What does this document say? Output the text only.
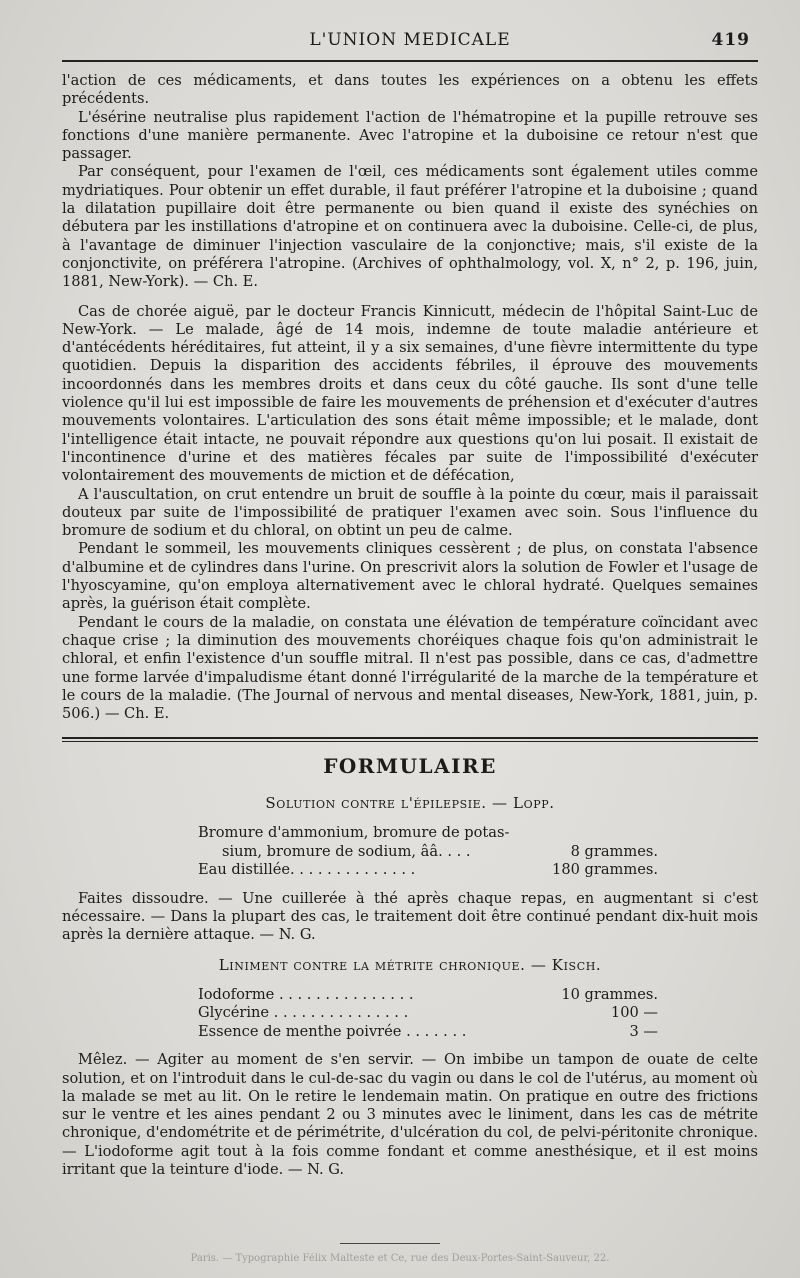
L'UNION MEDICALE	419

l'action de ces médicaments, et dans toutes les expériences on a obtenu les effets précédents.

L'ésérine neutralise plus rapidement l'action de l'hématropine et la pupille retrouve ses fonctions d'une manière permanente. Avec l'atropine et la duboisine ce retour n'est que passager.

Par conséquent, pour l'examen de l'œil, ces médicaments sont également utiles comme mydriatiques. Pour obtenir un effet durable, il faut préférer l'atropine et la duboisine ; quand la dilatation pupillaire doit être permanente ou bien quand il existe des synéchies on débutera par les instillations d'atropine et on continuera avec la duboisine. Celle-ci, de plus, à l'avantage de diminuer l'injection vasculaire de la conjonctive; mais, s'il existe de la conjonctivite, on préférera l'atropine. (Archives of ophthalmology, vol. X, n° 2, p. 196, juin, 1881, New-York). — Ch. E.

Cas de chorée aiguë, par le docteur Francis Kinnicutt, médecin de l'hôpital Saint-Luc de New-York. — Le malade, âgé de 14 mois, indemne de toute maladie antérieure et d'antécédents héréditaires, fut atteint, il y a six semaines, d'une fièvre intermittente du type quotidien. Depuis la disparition des accidents fébriles, il éprouve des mouvements incoordonnés dans les membres droits et dans ceux du côté gauche. Ils sont d'une telle violence qu'il lui est impossible de faire les mouvements de préhension et d'exécuter d'autres mouvements volontaires. L'articulation des sons était même impossible; et le malade, dont l'intelligence était intacte, ne pouvait répondre aux questions qu'on lui posait. Il existait de l'incontinence d'urine et des matières fécales par suite de l'impossibilité d'exécuter volontairement des mouvements de miction et de défécation,

A l'auscultation, on crut entendre un bruit de souffle à la pointe du cœur, mais il paraissait douteux par suite de l'impossibilité de pratiquer l'examen avec soin. Sous l'influence du bromure de sodium et du chloral, on obtint un peu de calme.

Pendant le sommeil, les mouvements cliniques cessèrent ; de plus, on constata l'absence d'albumine et de cylindres dans l'urine. On prescrivit alors la solution de Fowler et l'usage de l'hyoscyamine, qu'on employa alternativement avec le chloral hydraté. Quelques semaines après, la guérison était complète.

Pendant le cours de la maladie, on constata une élévation de température coïncidant avec chaque crise ; la diminution des mouvements choréiques chaque fois qu'on administrait le chloral, et enfin l'existence d'un souffle mitral. Il n'est pas possible, dans ce cas, d'admettre une forme larvée d'impaludisme étant donné l'irrégularité de la marche de la température et le cours de la maladie. (The Journal of nervous and mental diseases, New-York, 1881, juin, p. 506.) — Ch. E.

FORMULAIRE
Solution contre l'épilepsie. — Lopp.
Bromure d'ammonium, bromure de potas-
sium, bromure de sodium, ââ. . . .	8 grammes.
Eau distillée. . . . . . . . . . . . . .	180 grammes.

Faites dissoudre. — Une cuillerée à thé après chaque repas, en augmentant si c'est nécessaire. — Dans la plupart des cas, le traitement doit être continué pendant dix-huit mois après la dernière attaque. — N. G.

Liniment contre la métrite chronique. — Kisch.
Iodoforme . . . . . . . . . . . . . . .	10 grammes.
Glycérine . . . . . . . . . . . . . . .	100 —
Essence de menthe poivrée . . . . . . .	3 —

Mêlez. — Agiter au moment de s'en servir. — On imbibe un tampon de ouate de celte solution, et on l'introduit dans le cul-de-sac du vagin ou dans le col de l'utérus, au moment où la malade se met au lit. On le retire le lendemain matin. On pratique en outre des frictions sur le ventre et les aines pendant 2 ou 3 minutes avec le liniment, dans les cas de métrite chronique, d'endométrite et de périmétrite, d'ulcération du col, de pelvi-péritonite chronique. — L'iodoforme agit tout à la fois comme fondant et comme anesthésique, et il est moins irritant que la teinture d'iode. — N. G.

Paris. — Typographie Félix Malteste et Ce, rue des Deux-Portes-Saint-Sauveur, 22.
